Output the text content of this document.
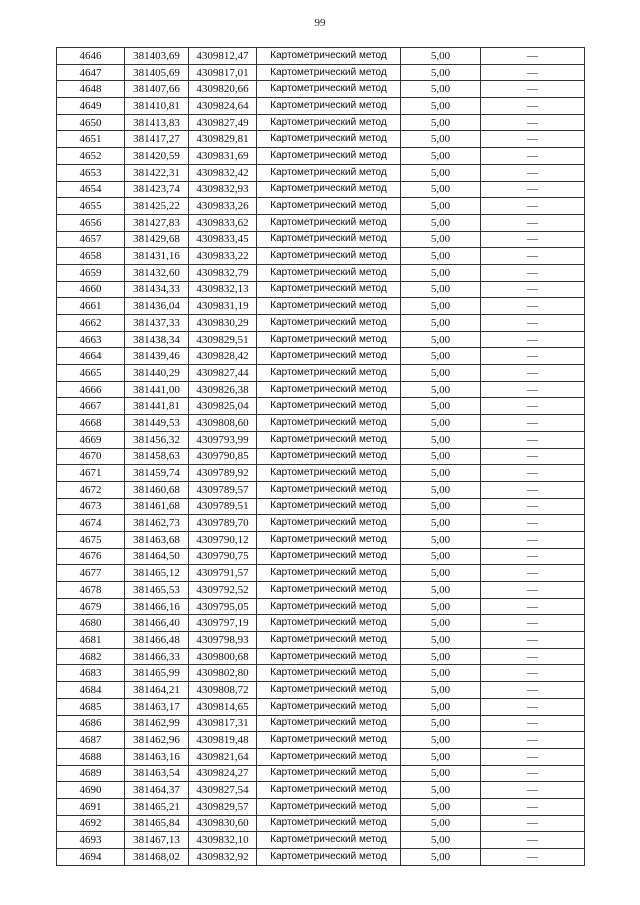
99
4646	381403,69	4309812,47	Картометрический метод	5,00	—
4647	381405,69	4309817,01	Картометрический метод	5,00	—
4648	381407,66	4309820,66	Картометрический метод	5,00	—
4649	381410,81	4309824,64	Картометрический метод	5,00	—
4650	381413,83	4309827,49	Картометрический метод	5,00	—
4651	381417,27	4309829,81	Картометрический метод	5,00	—
4652	381420,59	4309831,69	Картометрический метод	5,00	—
4653	381422,31	4309832,42	Картометрический метод	5,00	—
4654	381423,74	4309832,93	Картометрический метод	5,00	—
4655	381425,22	4309833,26	Картометрический метод	5,00	—
4656	381427,83	4309833,62	Картометрический метод	5,00	—
4657	381429,68	4309833,45	Картометрический метод	5,00	—
4658	381431,16	4309833,22	Картометрический метод	5,00	—
4659	381432,60	4309832,79	Картометрический метод	5,00	—
4660	381434,33	4309832,13	Картометрический метод	5,00	—
4661	381436,04	4309831,19	Картометрический метод	5,00	—
4662	381437,33	4309830,29	Картометрический метод	5,00	—
4663	381438,34	4309829,51	Картометрический метод	5,00	—
4664	381439,46	4309828,42	Картометрический метод	5,00	—
4665	381440,29	4309827,44	Картометрический метод	5,00	—
4666	381441,00	4309826,38	Картометрический метод	5,00	—
4667	381441,81	4309825,04	Картометрический метод	5,00	—
4668	381449,53	4309808,60	Картометрический метод	5,00	—
4669	381456,32	4309793,99	Картометрический метод	5,00	—
4670	381458,63	4309790,85	Картометрический метод	5,00	—
4671	381459,74	4309789,92	Картометрический метод	5,00	—
4672	381460,68	4309789,57	Картометрический метод	5,00	—
4673	381461,68	4309789,51	Картометрический метод	5,00	—
4674	381462,73	4309789,70	Картометрический метод	5,00	—
4675	381463,68	4309790,12	Картометрический метод	5,00	—
4676	381464,50	4309790,75	Картометрический метод	5,00	—
4677	381465,12	4309791,57	Картометрический метод	5,00	—
4678	381465,53	4309792,52	Картометрический метод	5,00	—
4679	381466,16	4309795,05	Картометрический метод	5,00	—
4680	381466,40	4309797,19	Картометрический метод	5,00	—
4681	381466,48	4309798,93	Картометрический метод	5,00	—
4682	381466,33	4309800,68	Картометрический метод	5,00	—
4683	381465,99	4309802,80	Картометрический метод	5,00	—
4684	381464,21	4309808,72	Картометрический метод	5,00	—
4685	381463,17	4309814,65	Картометрический метод	5,00	—
4686	381462,99	4309817,31	Картометрический метод	5,00	—
4687	381462,96	4309819,48	Картометрический метод	5,00	—
4688	381463,16	4309821,64	Картометрический метод	5,00	—
4689	381463,54	4309824,27	Картометрический метод	5,00	—
4690	381464,37	4309827,54	Картометрический метод	5,00	—
4691	381465,21	4309829,57	Картометрический метод	5,00	—
4692	381465,84	4309830,60	Картометрический метод	5,00	—
4693	381467,13	4309832,10	Картометрический метод	5,00	—
4694	381468,02	4309832,92	Картометрический метод	5,00	—
